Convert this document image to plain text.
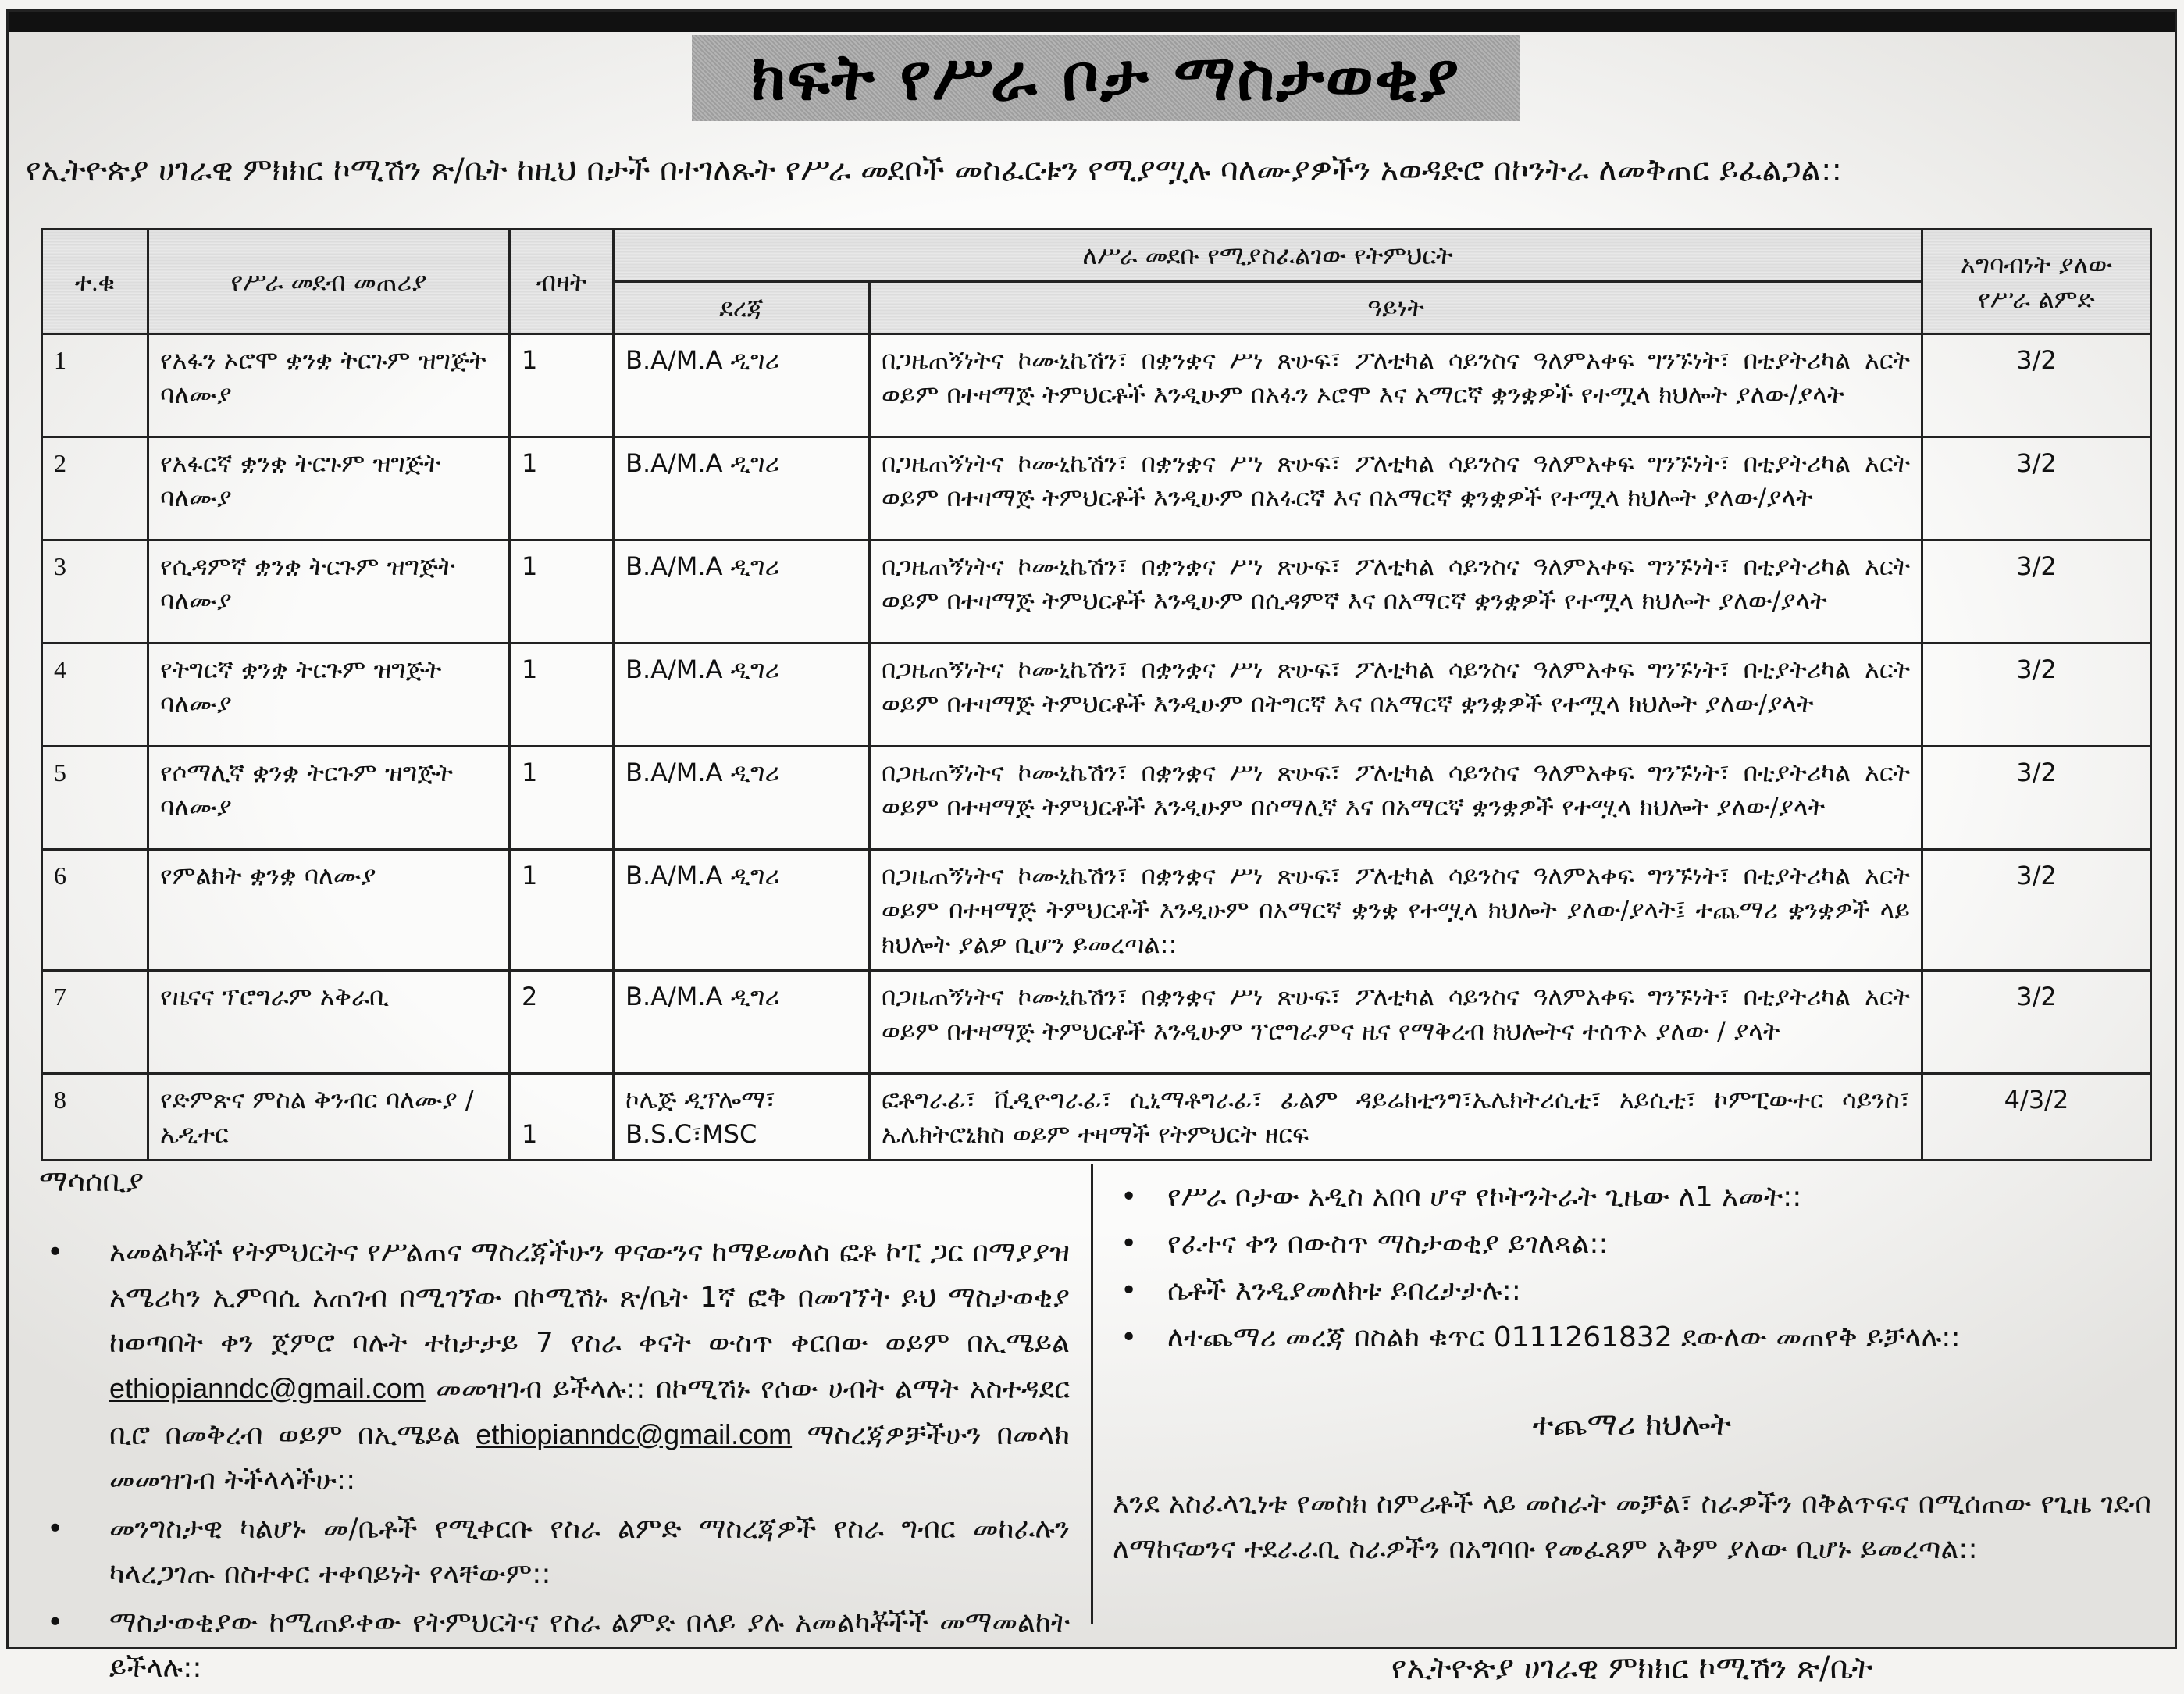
ክፍት የሥራ ቦታ ማስታወቂያ
የኢትዮጵያ ሀገራዊ ምክክር ኮሚሽን ጽ/ቤት ከዚህ በታች በተገለጹት የሥራ መደቦች መስፈርቱን የሚያሟሉ ባለሙያዎችን አወዳድሮ በኮንትራ ለመቅጠር ይፈልጋል::
ተ.ቁ	የሥራ መደብ መጠሪያ	ብዛት	ለሥራ መደቡ የሚያስፈልገው የትምህርት		አግባብነት ያለው የሥራ ልምድ
			ደረጃ	ዓይነት	
1	የአፋን ኦሮሞ ቋንቋ ትርጉም ዝግጅት ባለሙያ	1	B.A/M.A ዲግሪ	በጋዜጠኝነትና ኮሙኒኬሽን፣ በቋንቋና ሥነ ጽሁፍ፣ ፖለቲካል ሳይንስና ዓለምአቀፍ ግንኙነት፣ በቲያትሪካል አርት ወይም በተዛማጅ ትምህርቶች እንዲሁም በአፋን ኦሮሞ እና አማርኛ ቋንቋዎች የተሟላ ክህሎት ያለው/ያላት	3/2
2	የአፋርኛ ቋንቋ ትርጉም ዝግጅት ባለሙያ	1	B.A/M.A ዲግሪ	በጋዜጠኝነትና ኮሙኒኬሽን፣ በቋንቋና ሥነ ጽሁፍ፣ ፖለቲካል ሳይንስና ዓለምአቀፍ ግንኙነት፣ በቲያትሪካል አርት ወይም በተዛማጅ ትምህርቶች እንዲሁም በአፋርኛ እና በአማርኛ ቋንቋዎች የተሟላ ክህሎት ያለው/ያላት	3/2
3	የሲዳምኛ ቋንቋ ትርጉም ዝግጅት ባለሙያ	1	B.A/M.A ዲግሪ	በጋዜጠኝነትና ኮሙኒኬሽን፣ በቋንቋና ሥነ ጽሁፍ፣ ፖለቲካል ሳይንስና ዓለምአቀፍ ግንኙነት፣ በቲያትሪካል አርት ወይም በተዛማጅ ትምህርቶች እንዲሁም በሲዳምኛ እና በአማርኛ ቋንቋዎች የተሟላ ክህሎት ያለው/ያላት	3/2
4	የትግርኛ ቋንቋ ትርጉም ዝግጅት ባለሙያ	1	B.A/M.A ዲግሪ	በጋዜጠኝነትና ኮሙኒኬሽን፣ በቋንቋና ሥነ ጽሁፍ፣ ፖለቲካል ሳይንስና ዓለምአቀፍ ግንኙነት፣ በቲያትሪካል አርት ወይም በተዛማጅ ትምህርቶች እንዲሁም በትግርኛ እና በአማርኛ ቋንቋዎች የተሟላ ክህሎት ያለው/ያላት	3/2
5	የሶማሊኛ ቋንቋ ትርጉም ዝግጅት ባለሙያ	1	B.A/M.A ዲግሪ	በጋዜጠኝነትና ኮሙኒኬሽን፣ በቋንቋና ሥነ ጽሁፍ፣ ፖለቲካል ሳይንስና ዓለምአቀፍ ግንኙነት፣ በቲያትሪካል አርት ወይም በተዛማጅ ትምህርቶች እንዲሁም በሶማሊኛ እና በአማርኛ ቋንቋዎች የተሟላ ክህሎት ያለው/ያላት	3/2
6	የምልክት ቋንቋ ባለሙያ	1	B.A/M.A ዲግሪ	በጋዜጠኝነትና ኮሙኒኬሽን፣ በቋንቋና ሥነ ጽሁፍ፣ ፖለቲካል ሳይንስና ዓለምአቀፍ ግንኙነት፣ በቲያትሪካል አርት ወይም በተዛማጅ ትምህርቶች እንዲሁም በአማርኛ ቋንቋ የተሟላ ክህሎት ያለው/ያላት፤ ተጨማሪ ቋንቋዎች ላይ ክህሎት ያልዎ ቢሆን ይመረጣል::	3/2
7	የዜናና ፕሮግራም አቅራቢ	2	B.A/M.A ዲግሪ	በጋዜጠኝነትና ኮሙኒኬሽን፣ በቋንቋና ሥነ ጽሁፍ፣ ፖለቲካል ሳይንስና ዓለምአቀፍ ግንኙነት፣ በቲያትሪካል አርት ወይም በተዛማጅ ትምህርቶች እንዲሁም ፕሮግራምና ዜና የማቅረብ ክህሎትና ተሰጥኦ ያለው / ያላት	3/2
8	የድምጽና ምስል ቅንብር ባለሙያ /ኤዲተር	1	ኮሌጅ ዲፕሎማ፣ B.S.C፣MSC	ፎቶግራፊ፣ ቪዲዮግራፊ፣ ሲኒማቶግራፊ፣ ፊልም ዳይሬክቲንግ፣ኤሌክትሪሲቲ፣ አይሲቲ፣ ኮምፒውተር ሳይንስ፣ ኤሌክትሮኒክስ ወይም ተዛማች የትምህርት ዘርፍ	4/3/2
ማሳሰቢያ
• አመልካቾች የትምህርትና የሥልጠና ማስረጃችሁን ዋናውንና ከማይመለስ ፎቶ ኮፒ ጋር በማያያዝ አሜሪካን ኢምባሲ አጠገብ በሚገኘው በኮሚሽኑ ጽ/ቤት 1ኛ ፎቅ በመገኘት ይህ ማስታወቂያ ከወጣበት ቀን ጀምሮ ባሉት ተከታታይ 7 የስራ ቀናት ውስጥ ቀርበው ወይም በኢሜይል ethiopianndc@gmail.com መመዝገብ ይችላሉ:: በኮሚሽኑ የሰው ሀብት ልማት አስተዳደር ቢሮ በመቅረብ ወይም በኢሜይል ethiopianndc@gmail.com ማስረጃዎቻችሁን በመላክ መመዝገብ ትችላላችሁ::
• መንግስታዊ ካልሆኑ መ/ቤቶች የሚቀርቡ የስራ ልምድ ማስረጃዎች የስራ ግብር መከፈሉን ካላረጋገጡ በስተቀር ተቀባይነት የላቸውም::
• ማስታወቂያው ከሚጠይቀው የትምህርትና የስራ ልምድ በላይ ያሉ አመልካቾችች መማመልከት ይችላሉ::
• የሥራ ቦታው አዲስ አበባ ሆኖ የኮትንትራት ጊዜው ለ1 አመት::
• የፈተና ቀን በውስጥ ማስታወቂያ ይገለጻል::
• ሴቶች እንዲያመለክቱ ይበረታታሉ::
• ለተጨማሪ መረጃ በስልክ ቁጥር 0111261832 ደውለው መጠየቅ ይቻላሉ::
ተጨማሪ ክህሎት
እንደ አስፈላጊነቱ የመስክ ስምሪቶች ላይ መስራት መቻል፣ ስራዎችን በቅልጥፍና በሚሰጠው የጊዜ ገደብ ለማከናወንና ተደራራቢ ስራዎችን በአግባቡ የመፈጸም አቅም ያለው ቢሆኑ ይመረጣል::
የኢትዮጵያ ሀገራዊ ምክክር ኮሚሽን ጽ/ቤት
